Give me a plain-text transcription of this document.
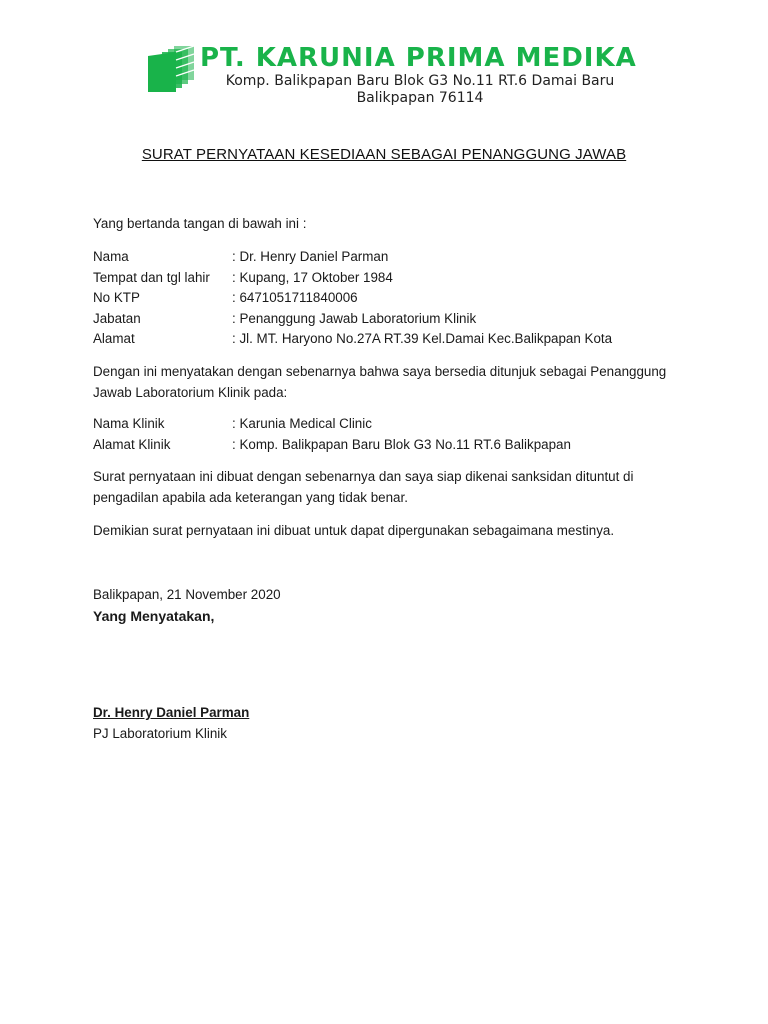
PT. KARUNIA PRIMA MEDIKA
Komp. Balikpapan Baru Blok G3 No.11 RT.6 Damai Baru
Balikpapan 76114
SURAT PERNYATAAN KESEDIAAN SEBAGAI PENANGGUNG JAWAB
Yang bertanda tangan di bawah ini :
Nama	: Dr. Henry Daniel Parman
Tempat dan tgl lahir	: Kupang, 17 Oktober 1984
No KTP	: 6471051711840006
Jabatan	: Penanggung Jawab Laboratorium Klinik
Alamat	: Jl. MT. Haryono No.27A RT.39 Kel.Damai Kec.Balikpapan Kota
Dengan ini menyatakan dengan sebenarnya bahwa saya bersedia ditunjuk sebagai Penanggung Jawab Laboratorium Klinik pada:
Nama Klinik	: Karunia Medical Clinic
Alamat Klinik	: Komp. Balikpapan Baru Blok G3 No.11 RT.6 Balikpapan
Surat pernyataan ini dibuat dengan sebenarnya dan saya siap dikenai sanksidan dituntut di pengadilan apabila ada keterangan yang tidak benar.
Demikian surat pernyataan ini dibuat untuk dapat dipergunakan sebagaimana mestinya.
Balikpapan, 21 November 2020
Yang Menyatakan,
Dr. Henry Daniel Parman
PJ Laboratorium Klinik
